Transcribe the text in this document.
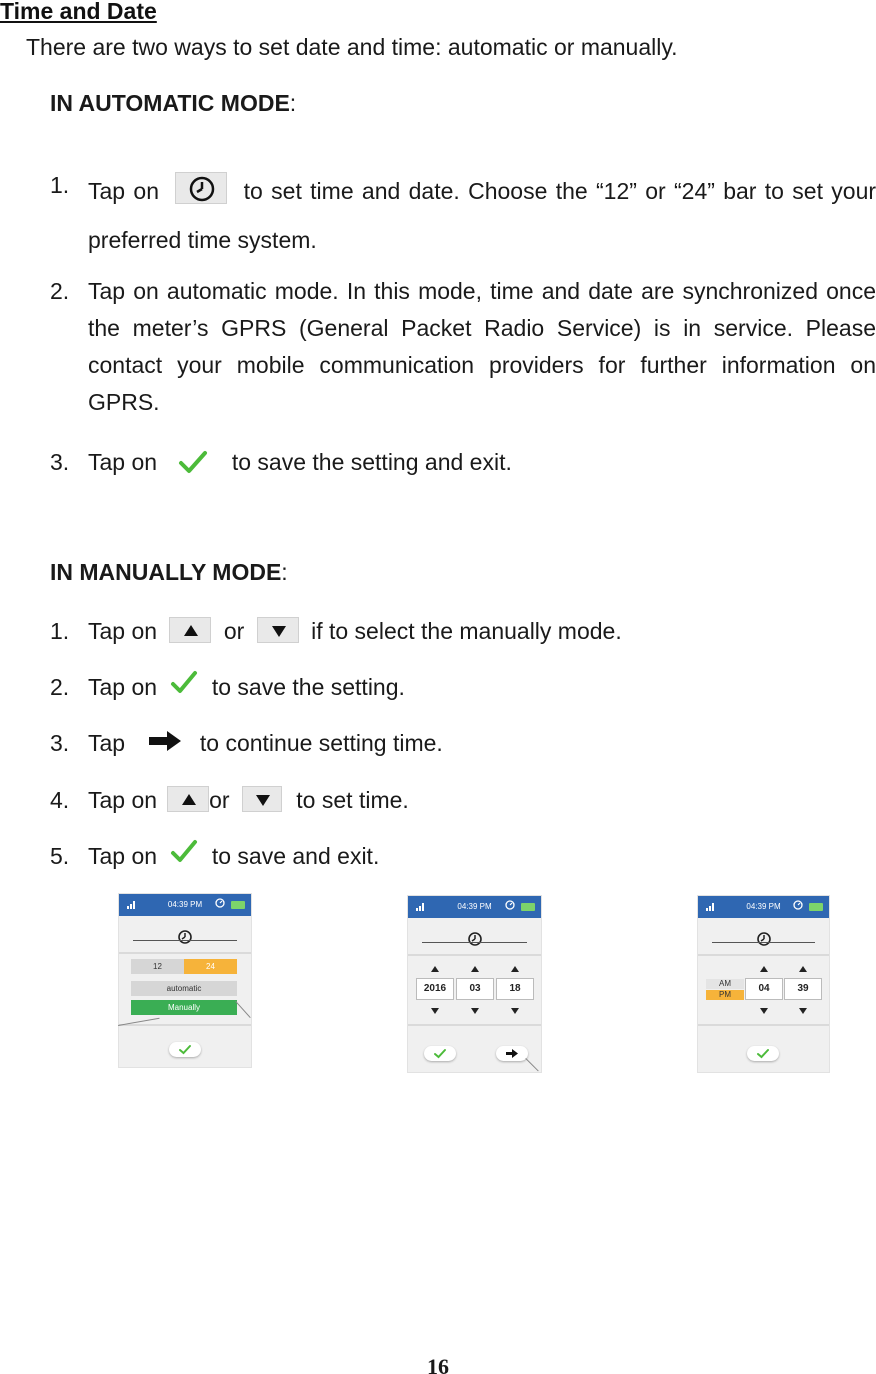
Time and Date
There are two ways to set date and time: automatic or manually.
IN AUTOMATIC MODE:
1. Tap on	to set time and date. Choose the “12” or “24” bar to set your preferred time system.
2. Tap on automatic mode. In this mode, time and date are synchronized once the meter’s GPRS (General Packet Radio Service) is in service. Please contact your mobile communication providers for further information on GPRS.
3. Tap on	to save the setting and exit.
IN MANUALLY MODE:
1. Tap on	or	if to select the manually mode.
2. Tap on to save the setting.
3. Tap	to continue setting time.
4. Tap on or	to set time.
5. Tap on to save and exit.
04:39 PM
12	24
automatic
Manually
04:39 PM
2016	03	18
04:39 PM
AM
PM
04	39
16
